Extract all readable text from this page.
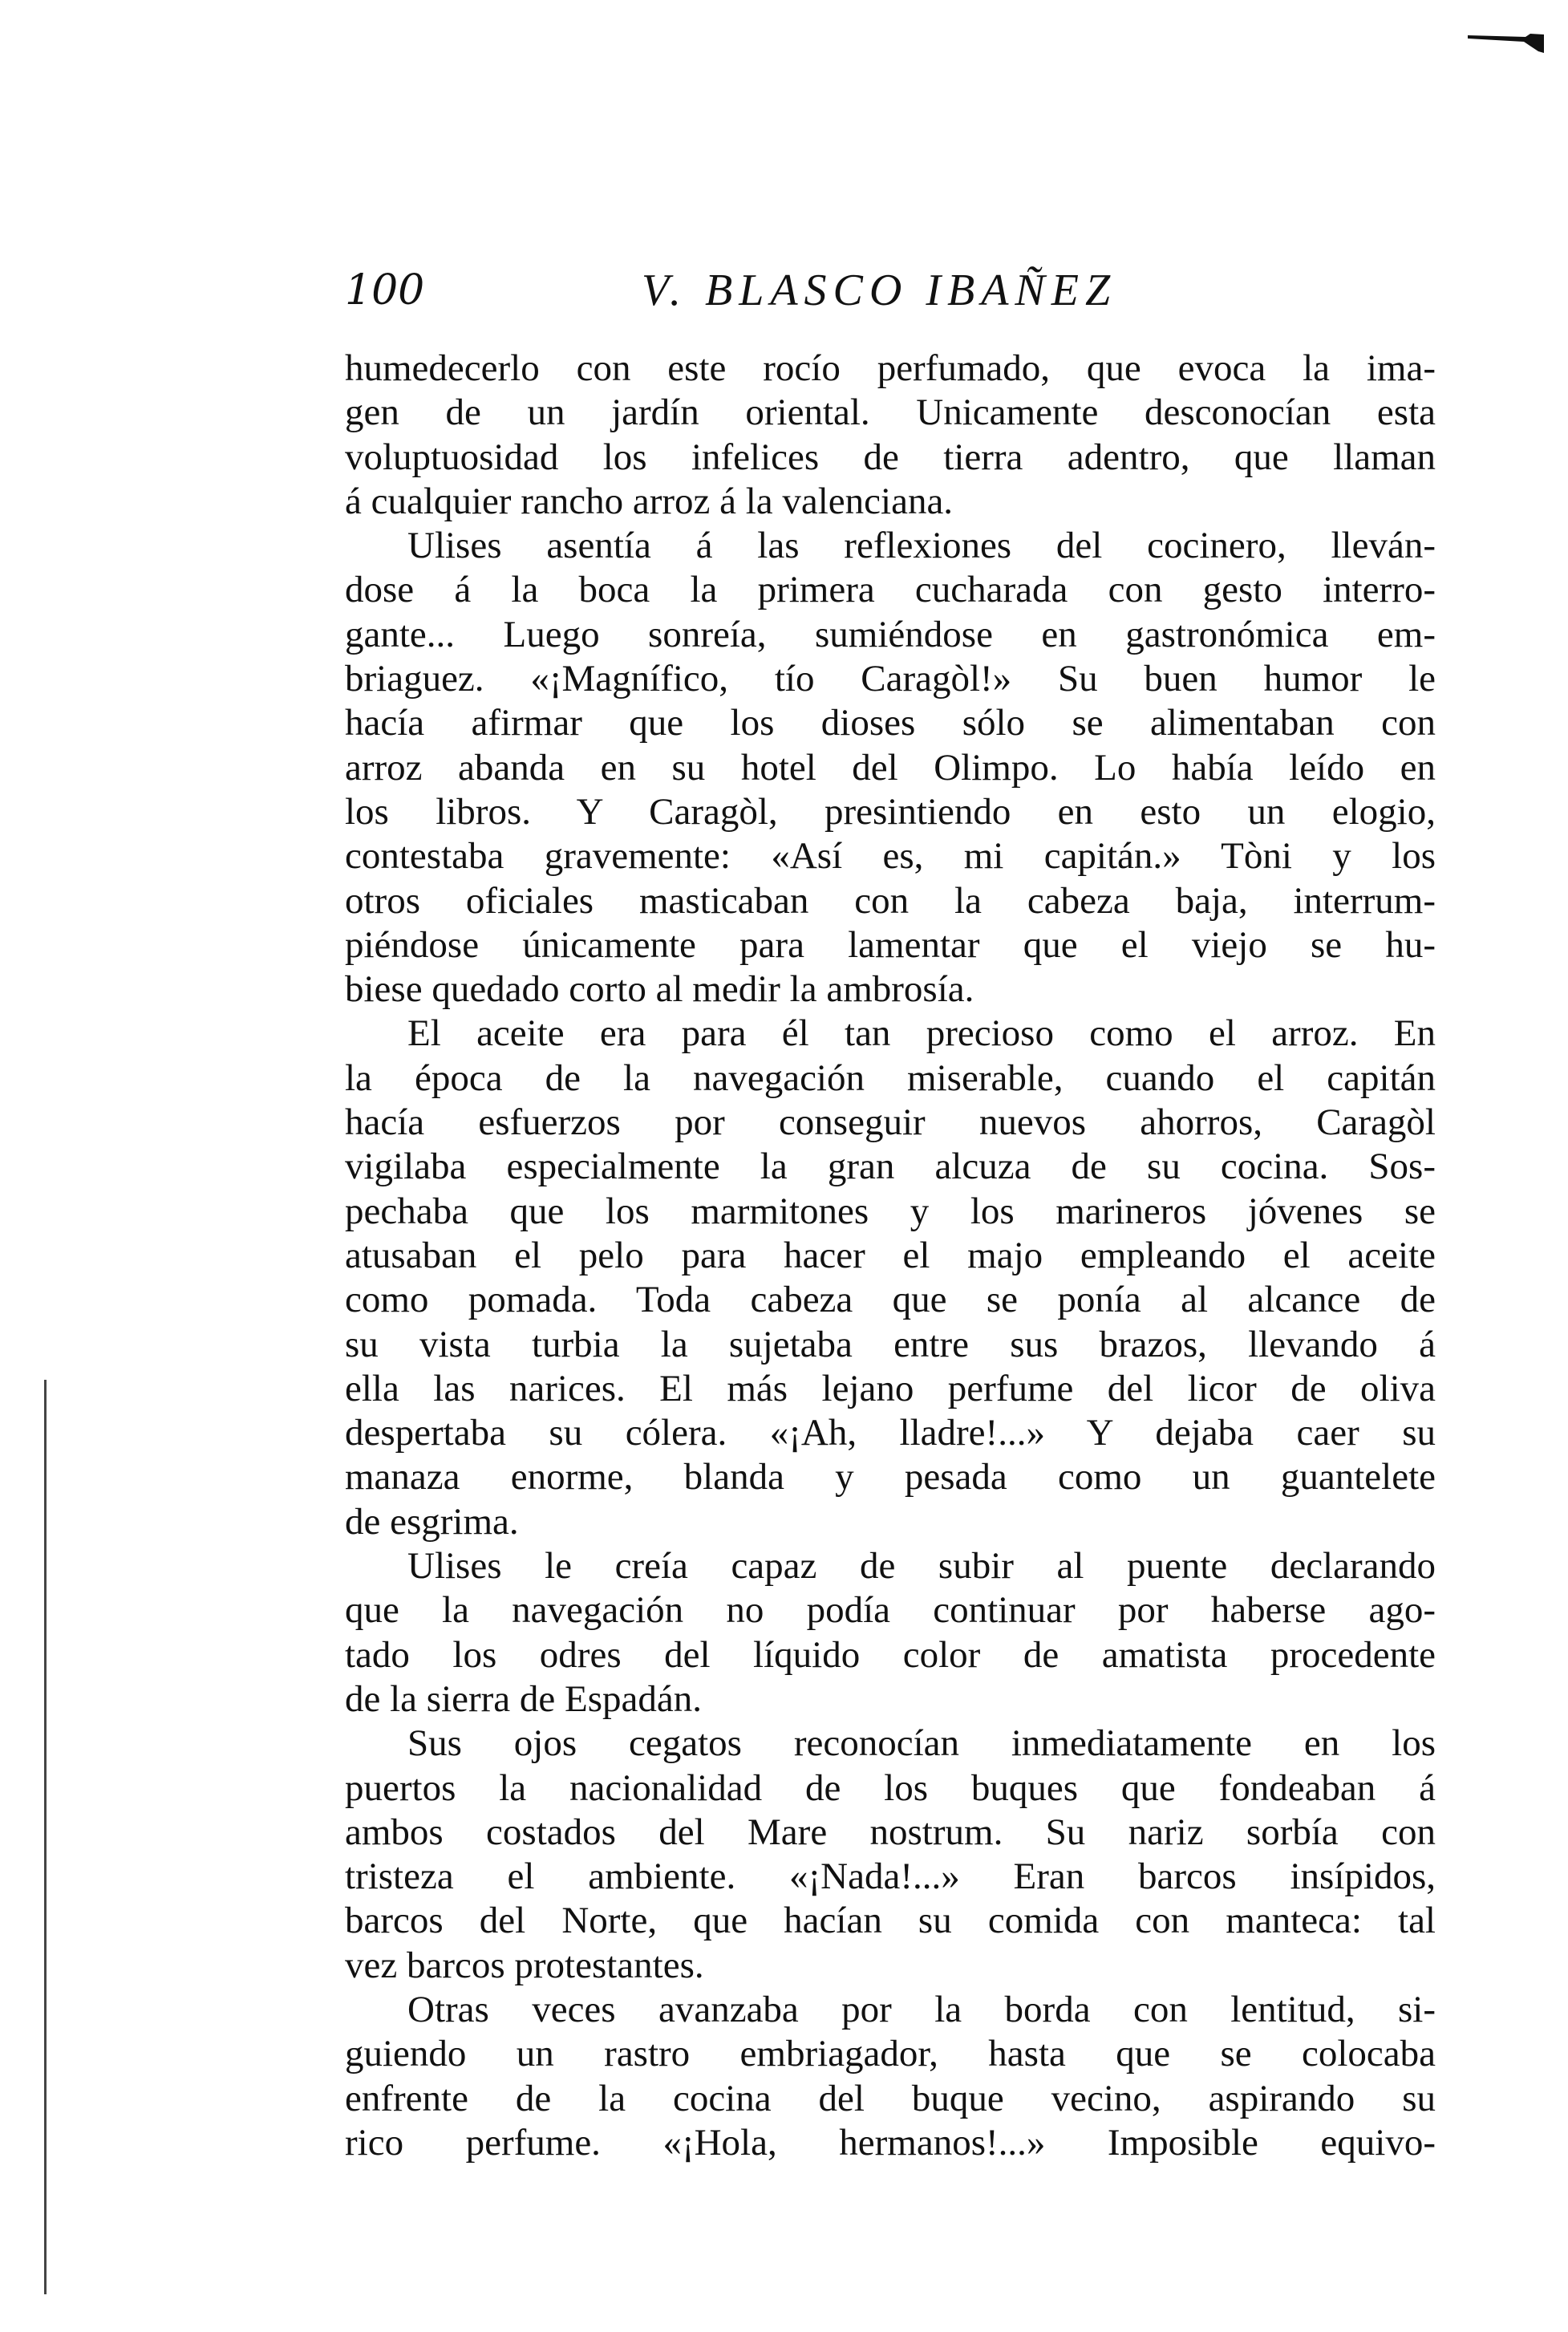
100	V. BLASCO IBAÑEZ
humedecerlo con este rocío perfumado, que evoca la ima-
gen de un jardín oriental. Unicamente desconocían esta
voluptuosidad los infelices de tierra adentro, que llaman
á cualquier rancho arroz á la valenciana.
Ulises asentía á las reflexiones del cocinero, lleván-
dose á la boca la primera cucharada con gesto interro-
gante... Luego sonreía, sumiéndose en gastronómica em-
briaguez. «¡Magnífico, tío Caragòl!» Su buen humor le
hacía afirmar que los dioses sólo se alimentaban con
arroz abanda en su hotel del Olimpo. Lo había leído en
los libros. Y Caragòl, presintiendo en esto un elogio,
contestaba gravemente: «Así es, mi capitán.» Tòni y los
otros oficiales masticaban con la cabeza baja, interrum-
piéndose únicamente para lamentar que el viejo se hu-
biese quedado corto al medir la ambrosía.
El aceite era para él tan precioso como el arroz. En
la época de la navegación miserable, cuando el capitán
hacía esfuerzos por conseguir nuevos ahorros, Caragòl
vigilaba especialmente la gran alcuza de su cocina. Sos-
pechaba que los marmitones y los marineros jóvenes se
atusaban el pelo para hacer el majo empleando el aceite
como pomada. Toda cabeza que se ponía al alcance de
su vista turbia la sujetaba entre sus brazos, llevando á
ella las narices. El más lejano perfume del licor de oliva
despertaba su cólera. «¡Ah, lladre!...» Y dejaba caer su
manaza enorme, blanda y pesada como un guantelete
de esgrima.
Ulises le creía capaz de subir al puente declarando
que la navegación no podía continuar por haberse ago-
tado los odres del líquido color de amatista procedente
de la sierra de Espadán.
Sus ojos cegatos reconocían inmediatamente en los
puertos la nacionalidad de los buques que fondeaban á
ambos costados del Mare nostrum. Su nariz sorbía con
tristeza el ambiente. «¡Nada!...» Eran barcos insípidos,
barcos del Norte, que hacían su comida con manteca: tal
vez barcos protestantes.
Otras veces avanzaba por la borda con lentitud, si-
guiendo un rastro embriagador, hasta que se colocaba
enfrente de la cocina del buque vecino, aspirando su
rico perfume. «¡Hola, hermanos!...» Imposible equivo-
